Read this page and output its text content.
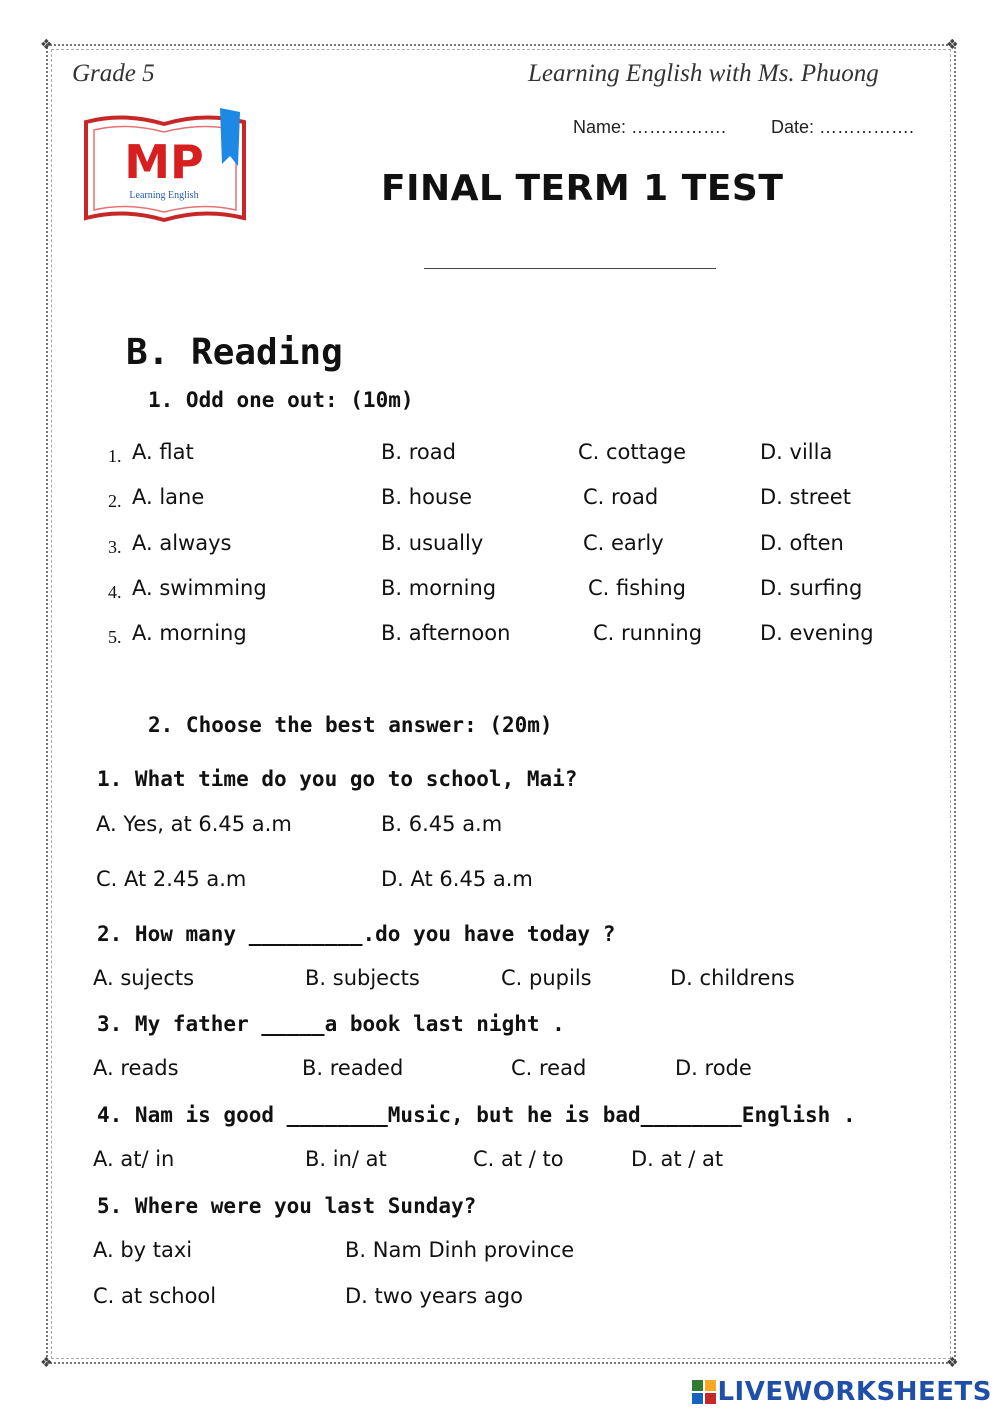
❖	❖
❖	❖
Grade 5	Learning English with Ms. Phuong
Name: ……………. Date: …………….
MP
Learning English	FINAL TERM 1 TEST
B. Reading
1. Odd one out: (10m)
1. A. flat	B. road	C. cottage	D. villa
2. A. lane	B. house	C. road	D. street
3. A. always	B. usually	C. early	D. often
4. A. swimming	B. morning	C. fishing	D. surfing
5. A. morning	B. afternoon	C. running	D. evening
2. Choose the best answer: (20m)
1. What time do you go to school, Mai?
A. Yes, at 6.45 a.m	B. 6.45 a.m
C. At 2.45 a.m	D. At 6.45 a.m
2. How many _________.do you have today ?
A. sujects	B. subjects	C. pupils	D. childrens
3. My father _____a book last night .
A. reads	B. readed	C. read	D. rode
4. Nam is good ________Music, but he is bad________English .
A. at/ in	B. in/ at	C. at / to	D. at / at
5. Where were you last Sunday?
A. by taxi	B. Nam Dinh province
C. at school	D. two years ago
LIVEWORKSHEETS
